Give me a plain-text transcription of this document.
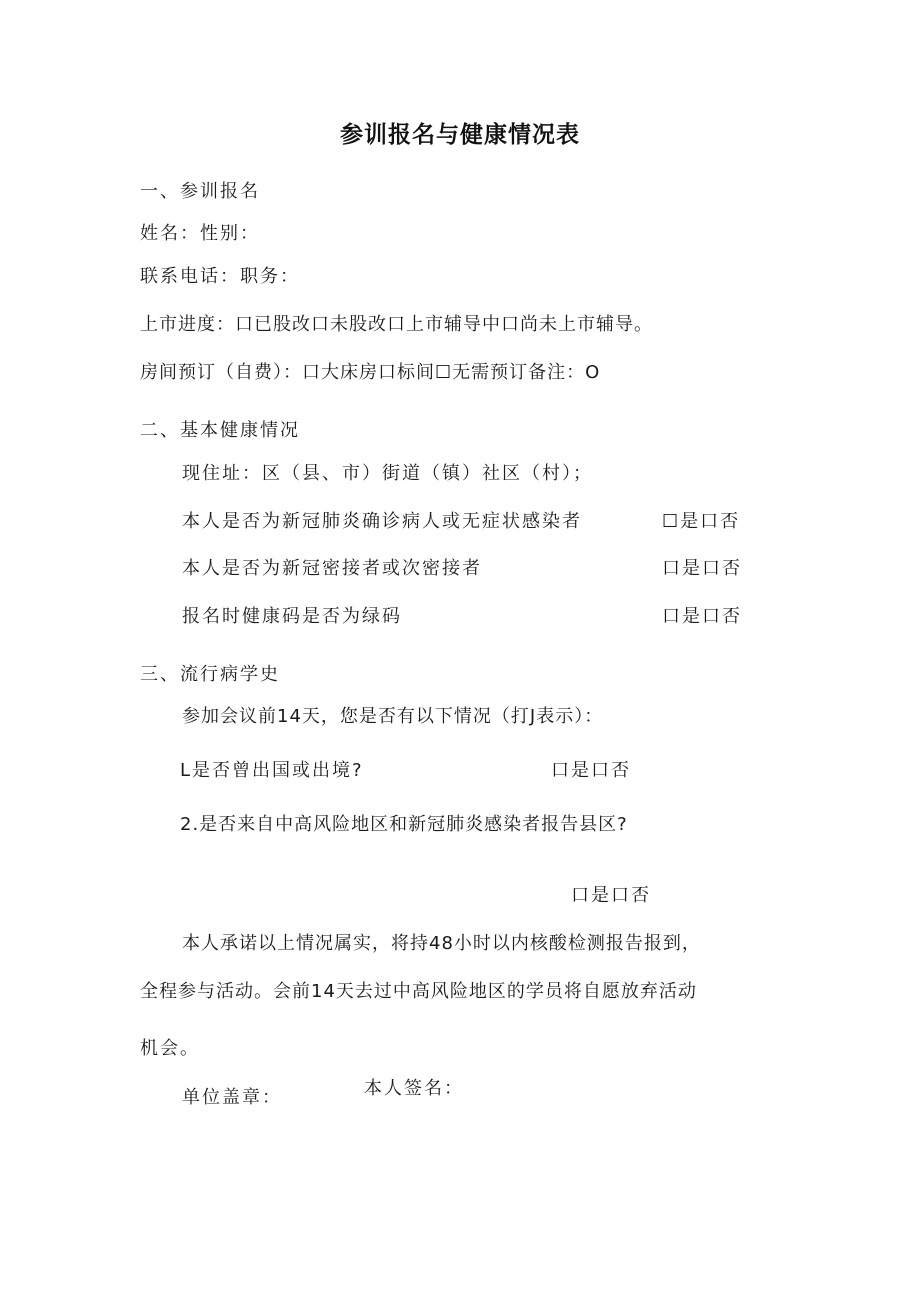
参训报名与健康情况表
一、参训报名
姓名：性别：
联系电话：职务：
上市进度：口已股改口未股改口上市辅导中口尚未上市辅导。
房间预订（自费）：口大床房口标间☐无需预订备注：O
二、基本健康情况
现住址：区（县、市）街道（镇）社区（村）；
本人是否为新冠肺炎确诊病人或无症状感染者	☐是口否
本人是否为新冠密接者或次密接者	口是口否
报名时健康码是否为绿码	口是口否
三、流行病学史
参加会议前14天，您是否有以下情况（打J表示）：
L是否曾出国或出境?	口是口否
2.是否来自中高风险地区和新冠肺炎感染者报告县区?
口是口否
本人承诺以上情况属实，将持48小时以内核酸检测报告报到，
全程参与活动。会前14天去过中高风险地区的学员将自愿放弃活动
机会。
单位盖章：	本人签名：
